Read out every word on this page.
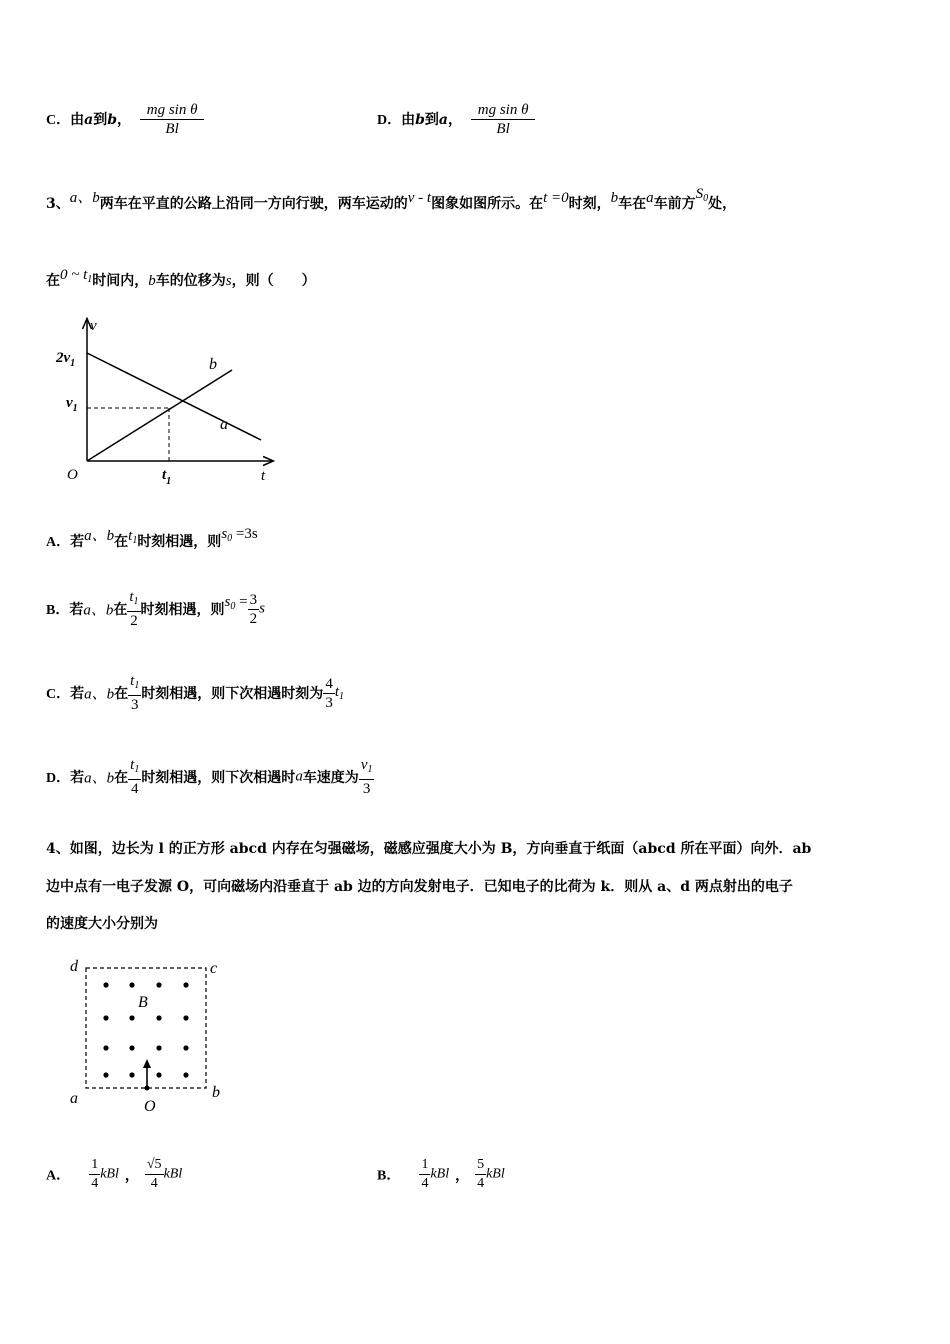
C．由a到b， $\frac{\text{mg sin θ}}{Bl}$	D．由b到a， $\frac{\text{mg sin θ}}{Bl}$
3、a、b两车在平直的公路上沿同一方向行驶，两车运动的v - t图象如图所示。在t =0时刻，b车在a车前方$S_0$处，
在0 ~ $t_1$时间内，b车的位移为s，则（　　）
v
t
O
$2v_1$
$v_1$
$t_1$
b
a
A．若a、b在$t_1$时刻相遇，则$s_0 =3s$
B．若a、b在 $\frac{t_1}{2}$ 时刻相遇，则$s_0 = \frac{3}{2}$ s
C．若a、b在 $\frac{t_1}{3}$ 时刻相遇，则下次相遇时刻为 $\frac{4}{3} t_1$
D．若a、b在 $\frac{t_1}{4}$ 时刻相遇，则下次相遇时a车速度为 $\frac{v_1}{3}$
4、如图，边长为 l 的正方形 abcd 内存在匀强磁场，磁感应强度大小为 B，方向垂直于纸面（abcd 所在平面）向外．ab
边中点有一电子发源 O，可向磁场内沿垂直于 ab 边的方向发射电子．已知电子的比荷为 k．则从 a、d 两点射出的电子
的速度大小分别为
d	c
a	b
B
O
A． $\frac{1}{4}$ kBl ， $\frac{√5}{4}$ kBl	B． $\frac{1}{4}$ kBl ， $\frac{5}{4}$ kBl
